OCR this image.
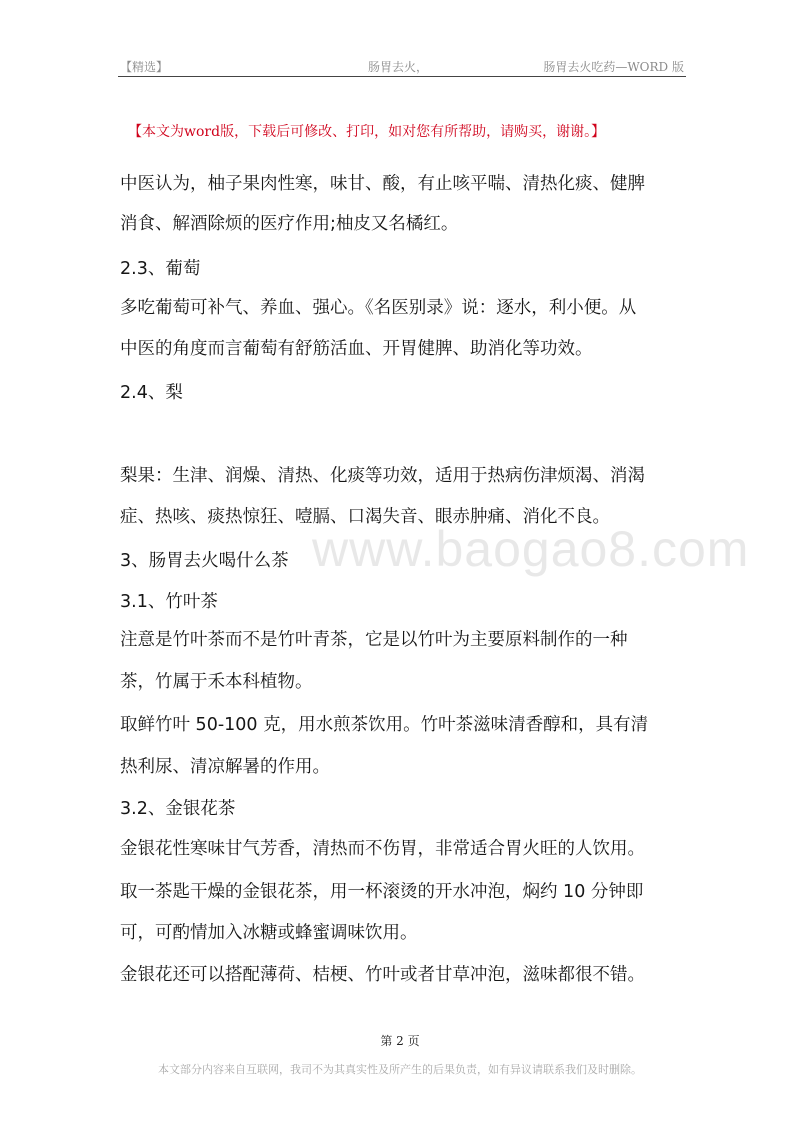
【精选】	肠胃去火，	肠胃去火吃药—WORD 版
【本文为word版，下载后可修改、打印，如对您有所帮助，请购买，谢谢。】
www.baogao8.com
中医认为，柚子果肉性寒，味甘、酸，有止咳平喘、清热化痰、健脾
消食、解酒除烦的医疗作用;柚皮又名橘红。
2.3、葡萄
多吃葡萄可补气、养血、强心。《名医别录》说：逐水，利小便。从
中医的角度而言葡萄有舒筋活血、开胃健脾、助消化等功效。
2.4、梨
梨果：生津、润燥、清热、化痰等功效，适用于热病伤津烦渴、消渴
症、热咳、痰热惊狂、噎膈、口渴失音、眼赤肿痛、消化不良。
3、肠胃去火喝什么茶
3.1、竹叶茶
注意是竹叶茶而不是竹叶青茶，它是以竹叶为主要原料制作的一种
茶，竹属于禾本科植物。
取鲜竹叶 50-100 克，用水煎茶饮用。竹叶茶滋味清香醇和，具有清
热利尿、清凉解暑的作用。
3.2、金银花茶
金银花性寒味甘气芳香，清热而不伤胃，非常适合胃火旺的人饮用。
取一茶匙干燥的金银花茶，用一杯滚烫的开水冲泡，焖约 10 分钟即
可，可酌情加入冰糖或蜂蜜调味饮用。
金银花还可以搭配薄荷、桔梗、竹叶或者甘草冲泡，滋味都很不错。
第 2 页
本文部分内容来自互联网，我司不为其真实性及所产生的后果负责，如有异议请联系我们及时删除。
